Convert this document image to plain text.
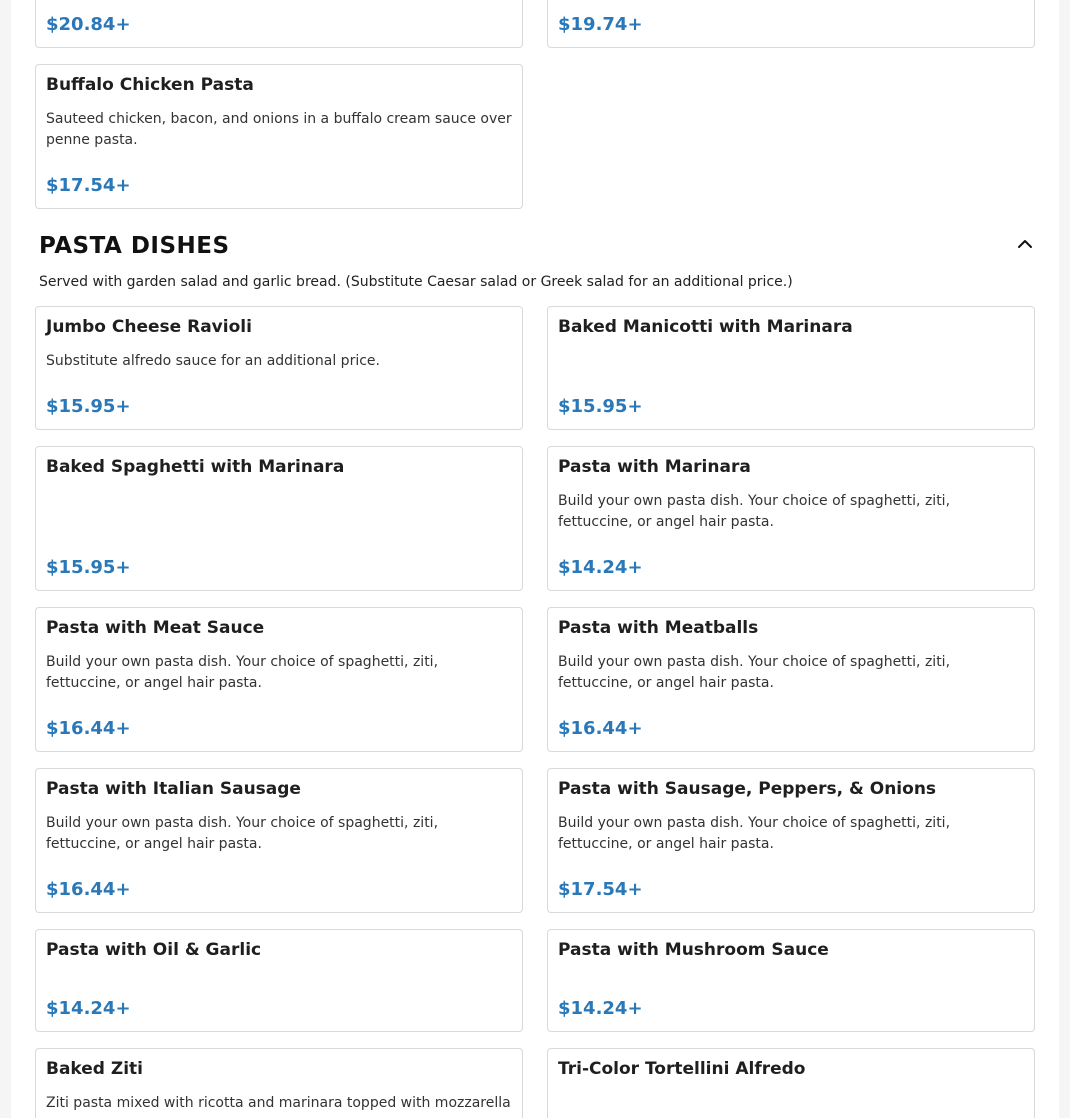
$20.84+	$19.74+
Buffalo Chicken Pasta
Sauteed chicken, bacon, and onions in a buffalo cream sauce over penne pasta.
$17.54+
PASTA DISHES
Served with garden salad and garlic bread. (Substitute Caesar salad or Greek salad for an additional price.)
Jumbo Cheese Ravioli
Substitute alfredo sauce for an additional price.
$15.95+
Baked Manicotti with Marinara
$15.95+
Baked Spaghetti with Marinara
$15.95+
Pasta with Marinara
Build your own pasta dish. Your choice of spaghetti, ziti, fettuccine, or angel hair pasta.
$14.24+
Pasta with Meat Sauce
Build your own pasta dish. Your choice of spaghetti, ziti, fettuccine, or angel hair pasta.
$16.44+
Pasta with Meatballs
Build your own pasta dish. Your choice of spaghetti, ziti, fettuccine, or angel hair pasta.
$16.44+
Pasta with Italian Sausage
Build your own pasta dish. Your choice of spaghetti, ziti, fettuccine, or angel hair pasta.
$16.44+
Pasta with Sausage, Peppers, & Onions
Build your own pasta dish. Your choice of spaghetti, ziti, fettuccine, or angel hair pasta.
$17.54+
Pasta with Oil & Garlic
$14.24+
Pasta with Mushroom Sauce
$14.24+
Baked Ziti
Ziti pasta mixed with ricotta and marinara topped with mozzarella
Tri-Color Tortellini Alfredo
